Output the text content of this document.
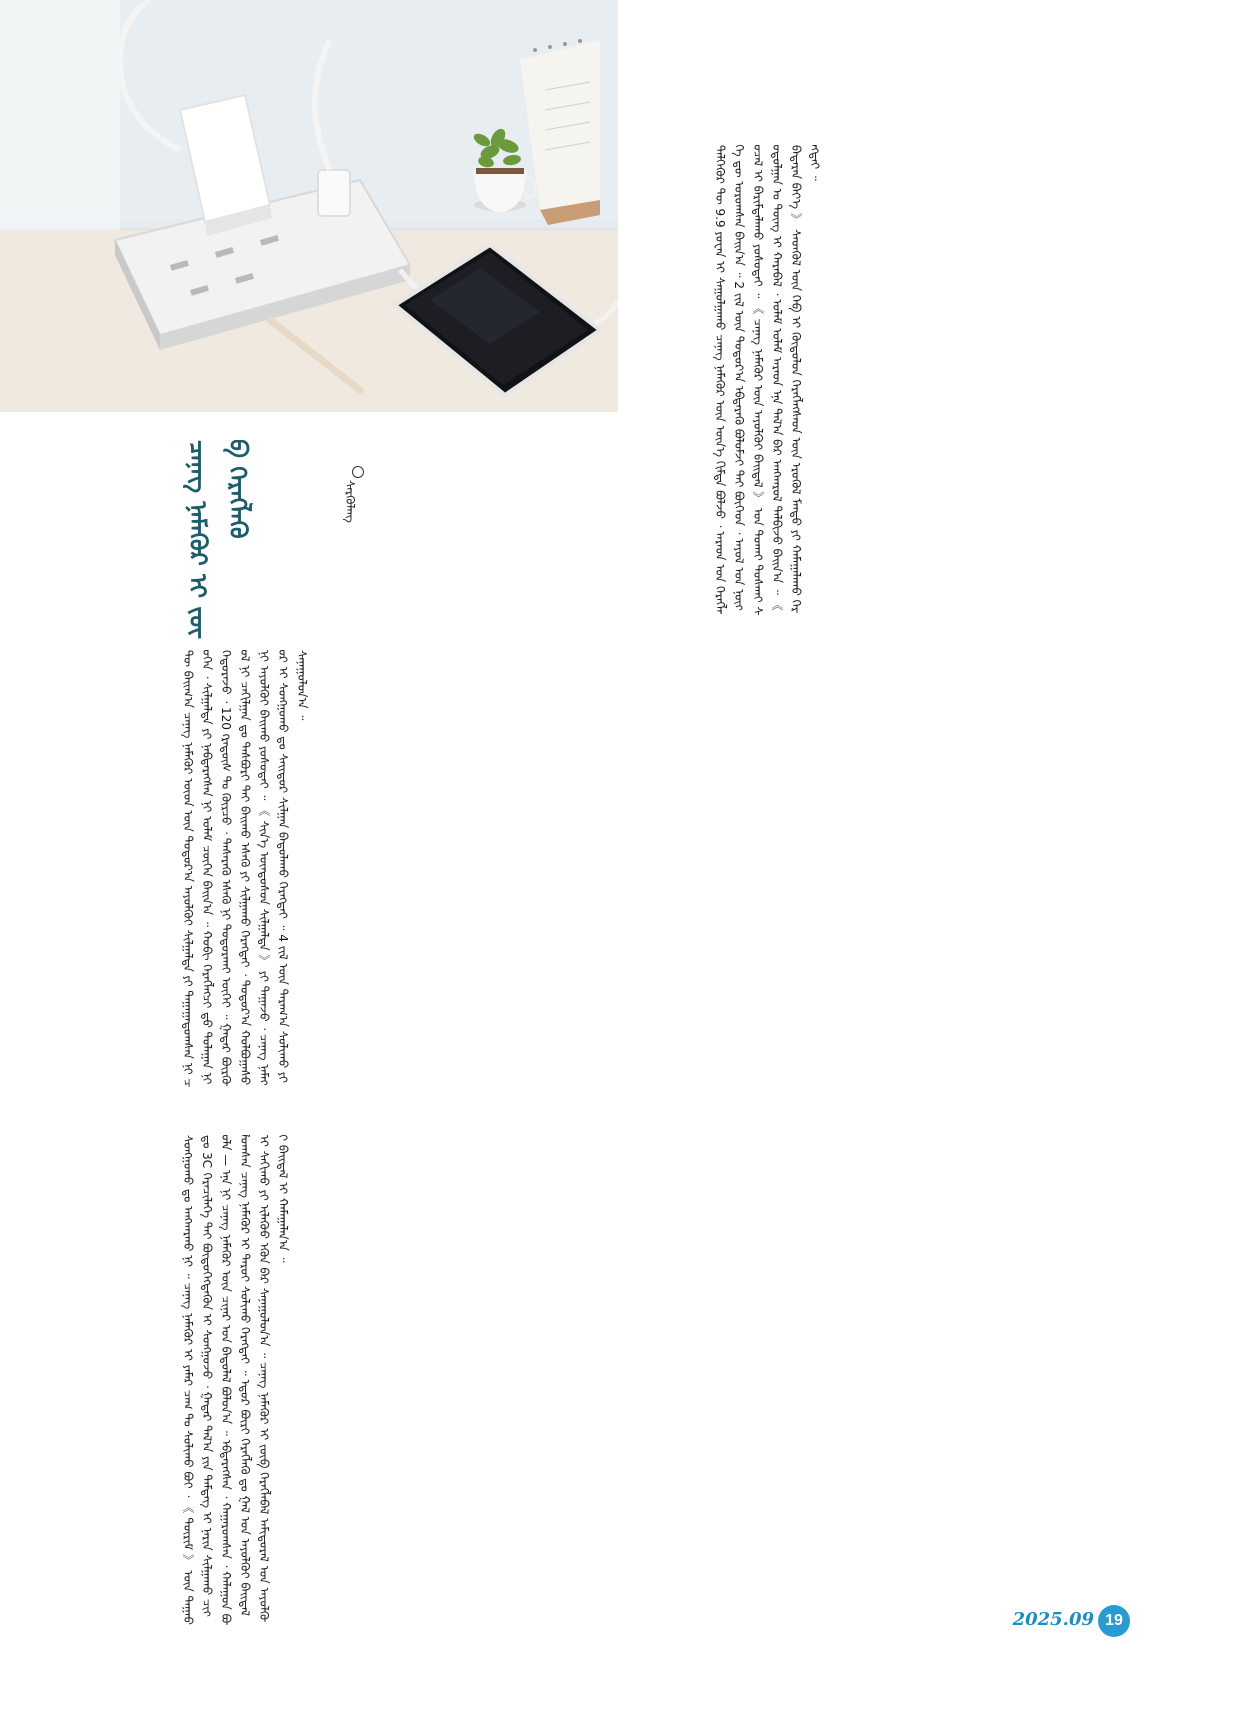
ᠴᠡᠨᠡᠭ ᠨᠡᠮᠡᠭᠦᠷ ᠢ ᠵᠥᠪ ᠬᠡᠷᠡᠭᠯᠡᠬᠦ	ᠰᠡᠷᠭᠦᠯᠡᠩ	ᠳᠡᠯᠭᠡᠭᠦᠷ ᠲᠦ 9.9 ᠶᠤᠸᠠᠨ ᠢ ᠰᠠᠭᠤᠯᠭᠠᠬᠤ ᠴᠡᠨᠡᠭ ᠨᠡᠮᠡᠭᠦᠷ ᠦᠨ ᠦᠨ᠎ᠡ ᠬᠢᠮᠳᠠ ᠪᠣᠯᠵᠤ ᠂ ᠠᠷᠠᠳ ᠤᠨ ᠬᠡᠷᠡᠭᠯᠡᠭᠡ ᠳᠦ ᠣᠷᠤᠭᠰᠠᠨ ᠪᠠᠢᠨ᠎ᠠ ᠃ 2 ᠵᠢᠯ ᠦᠨ ᠳᠣᠲᠣᠷ᠎ᠠ ᠡᠪᠳᠡᠷᠡᠬᠦ ᠪᠣᠯᠤᠮᠵᠢ ᠲᠠᠢ ᠪᠥᠭᠡᠳ ᠂ ᠠᠶᠤᠯ ᠤᠨ ᠨᠥᠬᠦᠴᠡᠯ ᠢ ᠪᠠᠷᠢᠮᠲᠠᠯᠠᠬᠤ ᠶᠤᠰᠣᠲᠠᠢ ᠃ 《 ᠴᠡᠨᠡᠭ ᠨᠡᠮᠡᠭᠦᠷ ᠦᠨ ᠠᠶᠤᠯᠭᠦᠢ ᠪᠠᠢᠳᠠᠯ 》 ᠤᠨ ᠲᠤᠬᠠᠢ ᠲᠤᠰᠬᠠᠢ ᠰᠤᠳᠤᠯᠭᠠᠨ ᠤ ᠳᠦᠩ ᠢ ᠬᠠᠷᠠᠪᠠᠯ ᠂ ᠤᠯᠠᠮ ᠤᠯᠠᠮ ᠠᠷᠠᠳ ᠡᠨᠡ ᠲᠠᠯ᠎ᠠ ᠪᠠᠷ ᠠᠩᠬᠠᠷᠤᠯ ᠲᠠᠯᠪᠢᠵᠤ ᠪᠠᠢᠨ᠎ᠠ ᠃ 《 ᠪᠠᠳᠠᠷᠠᠨ ᠪᠡᠶ᠎ᠡ 》 ᠰᠡᠳᠭᠦᠯ ᠦᠨ ᠬᠡᠪ ᠢ ᠬᠥᠲᠦᠯᠦᠨ ᠬᠡᠷᠡᠭᠯᠡᠭᠰᠡᠳ ᠦᠨ ᠡᠷᠦᠭᠦᠯ ᠮᠡᠨᠳᠦ ᠶᠢ ᠬᠠᠮᠠᠭᠠᠯᠠᠬᠤ ᠬᠡᠷᠡᠭᠲᠡᠢ ᠃
ᠲᠦ ᠪᠠᠢᠭ᠎ᠠ ᠴᠡᠨᠡᠭ ᠨᠡᠮᠡᠭᠦᠷ ᠦᠳ ᠦᠨ ᠳᠣᠲᠣᠷ᠎ᠠ ᠠᠶᠤᠯᠭᠦᠢ ᠰᠢᠯᠭᠠᠯᠲᠠ ᠶᠢ ᠳᠠᠭᠠᠭᠠᠳᠤᠭᠰᠠᠨ ᠨᠢ ᠴᠥᠭᠡᠨ ᠂ ᠰᠢᠯᠭᠠᠯᠲᠠ ᠶᠢ ᠨᠡᠪᠲᠡᠷᠡᠭᠰᠡᠨ ᠨᠢ ᠤᠯᠠᠮ ᠴᠥᠭᠡᠨ ᠪᠠᠢᠨ᠎ᠠ ᠃ ᠬᠤᠪᠢ ᠬᠡᠷᠡᠭᠯᠡᠭᠴᠢ ᠳ᠋ᠦ ᠳᠤᠯᠠᠭᠠᠨ ᠨᠢ ᠬᠡᠲᠦᠷᠡᠵᠦ ᠂ 120 ᠭᠷᠠᠳᠦ᠋ᠰ ᠲᠤ ᠬᠦᠷᠴᠦ ᠂ ᠲᠡᠰᠡᠷᠡᠬᠦ ᠡᠰᠡᠬᠦ ᠨᠢ ᠲᠣᠳᠣᠷᠬᠠᠢ ᠦᠭᠡᠢ ᠃ ᠭᠠᠳᠠᠷ ᠪᠦᠷᠬᠦᠦᠯ ᠨᠢ ᠴᠠᠬᠢᠯᠭᠠᠨ ᠳᠤ ᠲᠡᠰᠪᠦᠷᠢ ᠲᠠᠢ ᠪᠠᠢᠬᠤ ᠡᠰᠡᠬᠦ ᠶᠢ ᠰᠢᠯᠭᠠᠬᠤ ᠬᠡᠷᠡᠭᠲᠡᠢ ᠂ ᠳᠣᠲᠣᠷ᠎ᠠ ᠬᠣᠯᠪᠣᠭᠠᠰᠤ ᠨᠢ ᠠᠶᠤᠯᠭᠦᠢ ᠪᠠᠢᠬᠤ ᠶᠤᠰᠣᠲᠠᠢ ᠃ 《 ᠰᠢᠨ᠎ᠡ ᠦᠨᠳᠦᠰᠦᠨ ᠰᠢᠯᠭᠠᠯᠲᠠ 》 ᠶᠢ ᠳᠠᠭᠠᠵᠤ ᠂ ᠴᠡᠨᠡᠭ ᠨᠡᠮᠡᠭᠦᠷ ᠢ ᠰᠣᠩᠭᠣᠬᠤ ᠳᠤ ᠰᠠᠢᠲᠤᠷ ᠰᠢᠯᠭᠠᠨ ᠪᠠᠲᠤᠯᠠᠬᠤ ᠬᠡᠷᠡᠭᠲᠡᠢ ᠃ 4 ᠵᠢᠯ ᠦᠨ ᠳᠠᠷᠠᠭ᠎ᠠ ᠰᠣᠯᠢᠬᠤ ᠶᠢ ᠰᠠᠨᠠᠭᠤᠯᠤᠨ᠎ᠠ ᠃
ᠰᠣᠩᠭᠣᠬᠤ ᠳᠤ ᠠᠩᠬᠠᠷᠬᠤ ᠨᠢ ᠃ ᠴᠡᠨᠡᠭ ᠨᠡᠮᠡᠭᠦᠷ ᠢ ᠶᠠᠮᠠᠷ ᠴᠠᠭ ᠲᠤ ᠰᠣᠯᠢᠬᠤ ᠪᠤᠢ ᠂ 《 ᠳᠦᠷᠢᠮ 》 ᠦᠨ ᠳᠠᠭᠠᠤ ᠳᠤ 3C ᠭᠡᠷᠡᠴᠢᠯᠡᠭᠡ ᠲᠠᠢ ᠪᠦᠲᠦᠭᠡᠭᠳᠡᠬᠦᠨ ᠢ ᠰᠣᠩᠭᠣᠵᠤ ᠂ ᠭᠠᠳᠠᠷ ᠲᠠᠯ᠎ᠠ ᠶᠢᠨ ᠲᠡᠮᠳᠡᠭ ᠢ ᠨᠠᠷᠢᠨ ᠰᠢᠯᠭᠠᠬᠤ ᠴᠢᠬᠤᠯᠠ — ᠡᠨᠡ ᠨᠢ ᠴᠡᠨᠡᠭ ᠨᠡᠮᠡᠭᠦᠷ ᠦᠨ ᠴᠢᠨᠠᠷ ᠤᠨ ᠪᠠᠳᠤᠯᠠᠯ ᠪᠣᠯᠤᠨ᠎ᠠ ᠃ ᠡᠪᠳᠡᠷᠡᠭᠰᠡᠨ ᠂ ᠬᠠᠭᠠᠷᠤᠭᠰᠠᠨ ᠂ ᠬᠠᠯᠠᠭᠤᠨ ᠪᠣᠯᠤᠭᠰᠠᠨ ᠴᠡᠨᠡᠭ ᠨᠡᠮᠡᠭᠦᠷ ᠢ ᠳᠠᠷᠤᠢ ᠰᠣᠯᠢᠬᠤ ᠬᠡᠷᠡᠭᠲᠡᠢ ᠃ ᠡᠳᠦᠷ ᠪᠦᠷᠢ ᠬᠡᠷᠡᠭᠯᠡᠬᠦ ᠳᠤ ᠭᠠᠯ ᠤᠨ ᠠᠶᠤᠯᠭᠦᠢ ᠪᠠᠢᠳᠠᠯ ᠢ ᠰᠠᠬᠢᠬᠤ ᠶᠢ ᠢᠯᠡᠭᠦᠦ ᠡᠭᠦᠨ ᠪᠡᠷ ᠰᠠᠨᠠᠭᠤᠯᠤᠨ᠎ᠠ ᠃ ᠴᠡᠨᠡᠭ ᠨᠡᠮᠡᠭᠦᠷ ᠢ ᠵᠥᠪ ᠬᠡᠷᠡᠭᠯᠡᠪᠡᠯ ᠠᠮᠢᠳᠤᠷᠠᠯ ᠤᠨ ᠠᠶᠤᠯᠭᠦᠢ ᠪᠠᠢᠳᠠᠯ ᠢ ᠬᠠᠮᠠᠭᠠᠯᠠᠨ᠎ᠠ ᠃
2025.09 19
